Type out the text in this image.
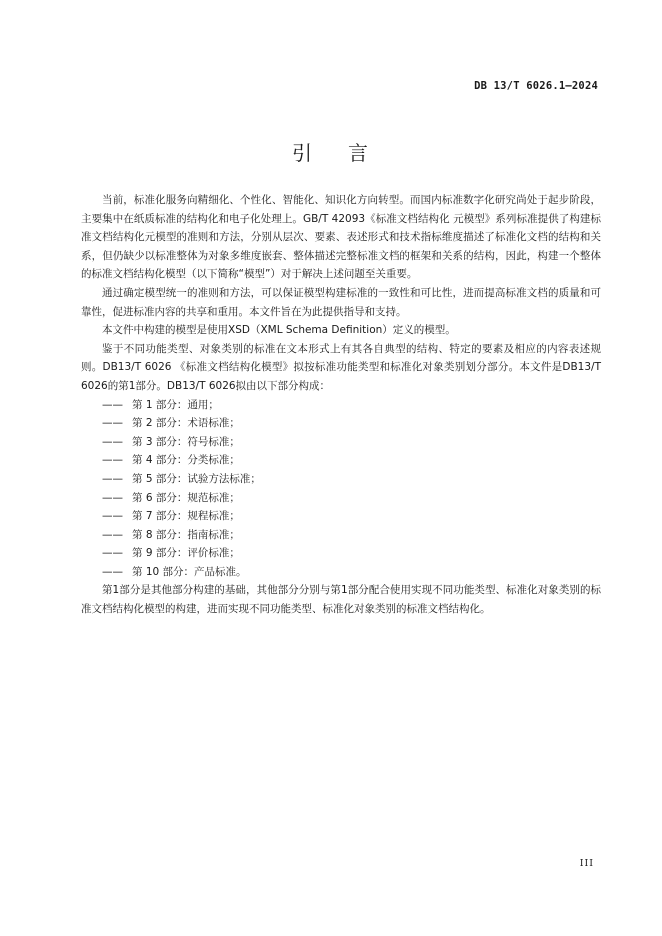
DB 13/T 6026.1—2024
引 言

当前，标准化服务向精细化、个性化、智能化、知识化方向转型。而国内标准数字化研究尚处于起步阶段，主要集中在纸质标准的结构化和电子化处理上。GB/T 42093《标准文档结构化 元模型》系列标准提供了构建标准文档结构化元模型的准则和方法，分别从层次、要素、表述形式和技术指标维度描述了标准化文档的结构和关系，但仍缺少以标准整体为对象多维度嵌套、整体描述完整标准文档的框架和关系的结构，因此，构建一个整体的标准文档结构化模型（以下简称“模型”）对于解决上述问题至关重要。

通过确定模型统一的准则和方法，可以保证模型构建标准的一致性和可比性，进而提高标准文档的质量和可靠性，促进标准内容的共享和重用。本文件旨在为此提供指导和支持。

本文件中构建的模型是使用XSD（XML Schema Definition）定义的模型。

鉴于不同功能类型、对象类别的标准在文本形式上有其各自典型的结构、特定的要素及相应的内容表述规则。DB13/T 6026 《标准文档结构化模型》拟按标准功能类型和标准化对象类别划分部分。本文件是DB13/T 6026的第1部分。DB13/T 6026拟由以下部分构成：

—— 第 1 部分：通用；
—— 第 2 部分：术语标准；
—— 第 3 部分：符号标准；
—— 第 4 部分：分类标准；
—— 第 5 部分：试验方法标准；
—— 第 6 部分：规范标准；
—— 第 7 部分：规程标准；
—— 第 8 部分：指南标准；
—— 第 9 部分：评价标准；
—— 第 10 部分：产品标准。

第1部分是其他部分构建的基础，其他部分分别与第1部分配合使用实现不同功能类型、标准化对象类别的标准文档结构化模型的构建，进而实现不同功能类型、标准化对象类别的标准文档结构化。

III
